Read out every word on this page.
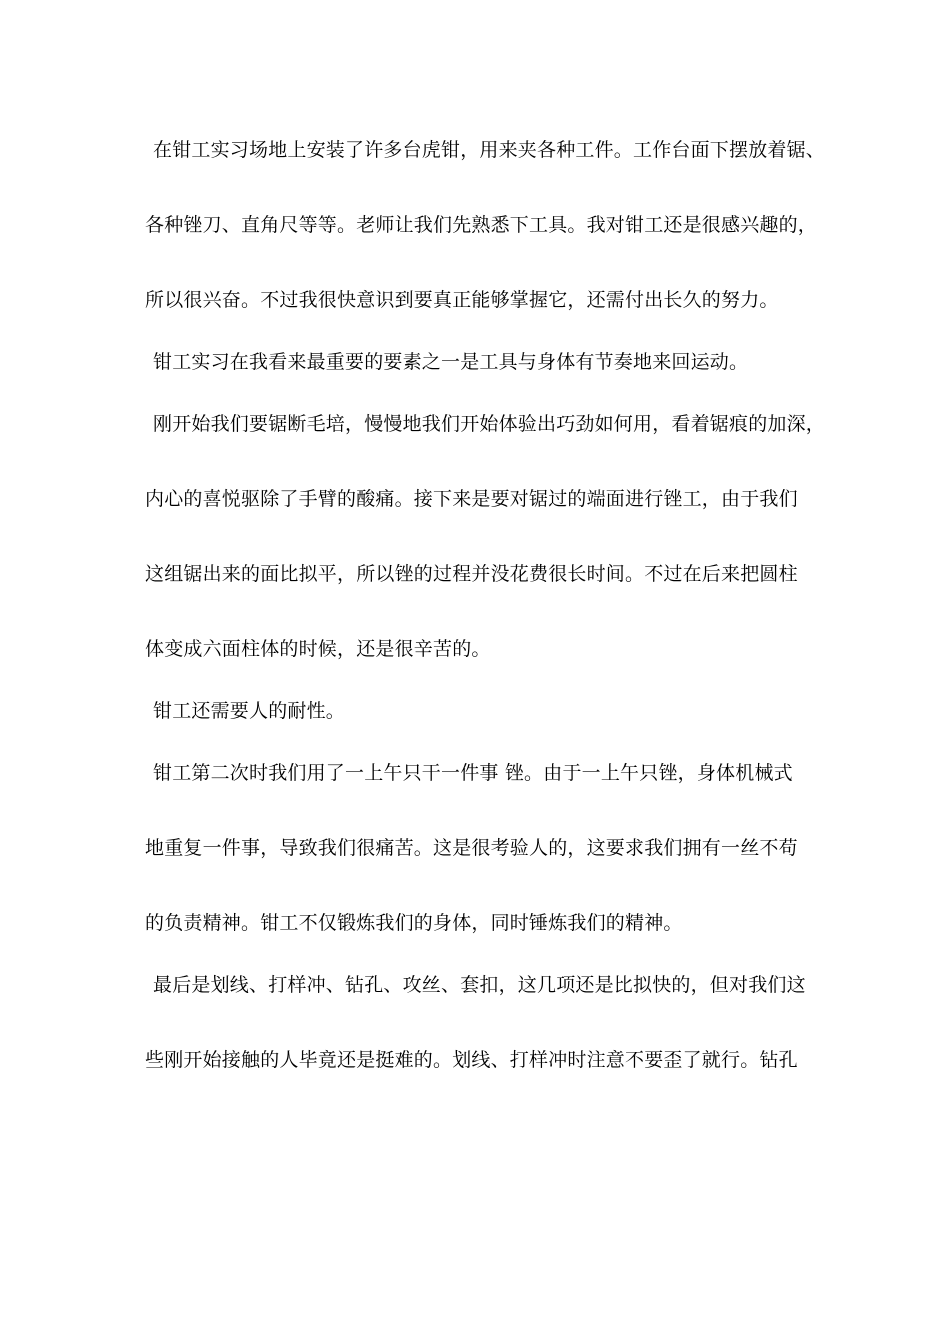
在钳工实习场地上安装了许多台虎钳，用来夹各种工件。工作台面下摆放着锯、
各种锉刀、直角尺等等。老师让我们先熟悉下工具。我对钳工还是很感兴趣的，
所以很兴奋。不过我很快意识到要真正能够掌握它，还需付出长久的努力。
钳工实习在我看来最重要的要素之一是工具与身体有节奏地来回运动。
刚开始我们要锯断毛培，慢慢地我们开始体验出巧劲如何用，看着锯痕的加深，
内心的喜悦驱除了手臂的酸痛。接下来是要对锯过的端面进行锉工，由于我们
这组锯出来的面比拟平，所以锉的过程并没花费很长时间。不过在后来把圆柱
体变成六面柱体的时候，还是很辛苦的。
钳工还需要人的耐性。
钳工第二次时我们用了一上午只干一件事 锉。由于一上午只锉，身体机械式
地重复一件事，导致我们很痛苦。这是很考验人的，这要求我们拥有一丝不苟
的负责精神。钳工不仅锻炼我们的身体，同时锤炼我们的精神。
最后是划线、打样冲、钻孔、攻丝、套扣，这几项还是比拟快的，但对我们这
些刚开始接触的人毕竟还是挺难的。划线、打样冲时注意不要歪了就行。钻孔
